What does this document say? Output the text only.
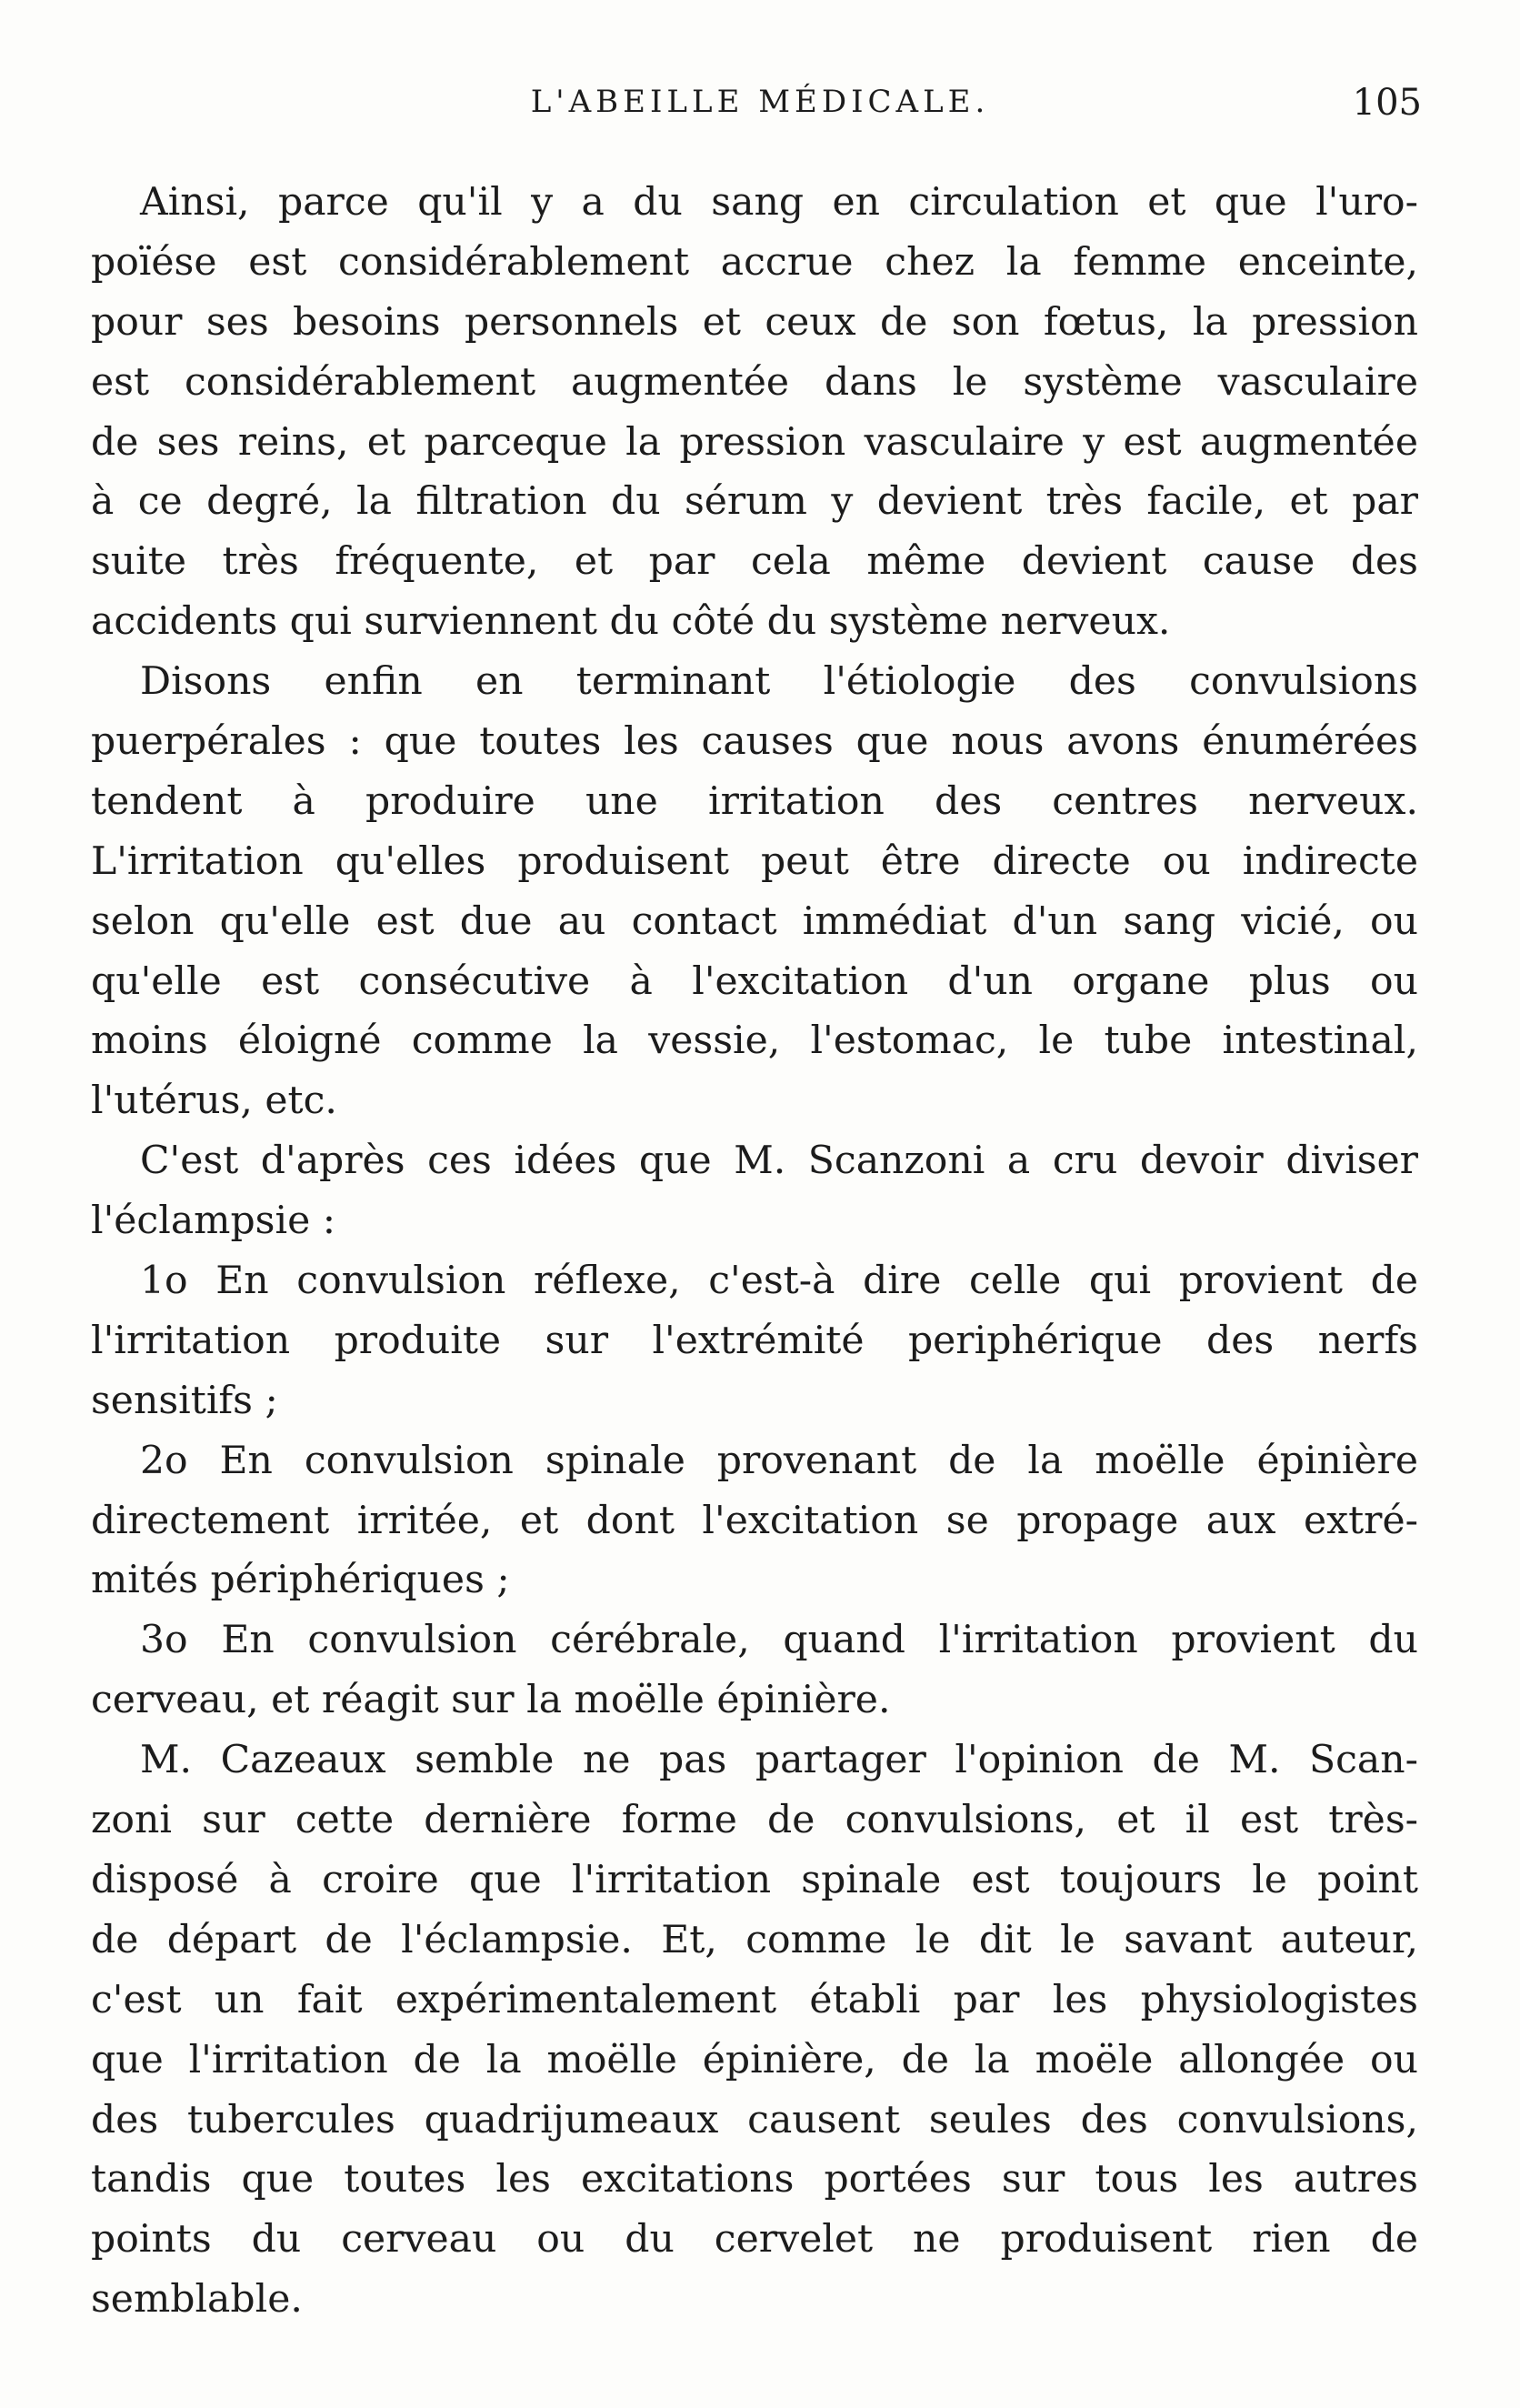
L'ABEILLE MÉDICALE.	105
Ainsi, parce qu'il y a du sang en circulation et que l'uro-
poïése est considérablement accrue chez la femme enceinte,
pour ses besoins personnels et ceux de son fœtus, la pression
est considérablement augmentée dans le système vasculaire
de ses reins, et parceque la pression vasculaire y est augmentée
à ce degré, la filtration du sérum y devient très facile, et par
suite très fréquente, et par cela même devient cause des
accidents qui surviennent du côté du système nerveux.
Disons enfin en terminant l'étiologie des convulsions
puerpérales : que toutes les causes que nous avons énumérées
tendent à produire une irritation des centres nerveux.
L'irritation qu'elles produisent peut être directe ou indirecte
selon qu'elle est due au contact immédiat d'un sang vicié, ou
qu'elle est consécutive à l'excitation d'un organe plus ou
moins éloigné comme la vessie, l'estomac, le tube intestinal,
l'utérus, etc.
C'est d'après ces idées que M. Scanzoni a cru devoir diviser
l'éclampsie :
1o En convulsion réflexe, c'est-à dire celle qui provient de
l'irritation produite sur l'extrémité periphérique des nerfs
sensitifs ;
2o En convulsion spinale provenant de la moëlle épinière
directement irritée, et dont l'excitation se propage aux extré-
mités périphériques ;
3o En convulsion cérébrale, quand l'irritation provient du
cerveau, et réagit sur la moëlle épinière.
M. Cazeaux semble ne pas partager l'opinion de M. Scan-
zoni sur cette dernière forme de convulsions, et il est très-
disposé à croire que l'irritation spinale est toujours le point
de départ de l'éclampsie. Et, comme le dit le savant auteur,
c'est un fait expérimentalement établi par les physiologistes
que l'irritation de la moëlle épinière, de la moële allongée ou
des tubercules quadrijumeaux causent seules des convulsions,
tandis que toutes les excitations portées sur tous les autres
points du cerveau ou du cervelet ne produisent rien de
semblable.
